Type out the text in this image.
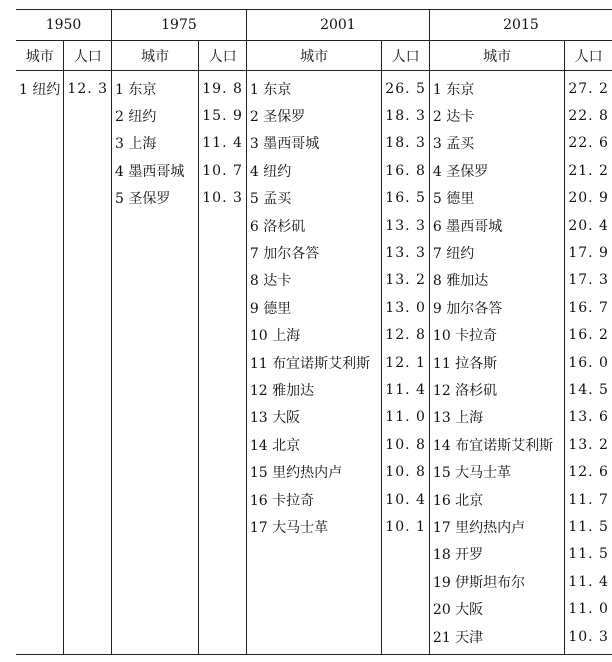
1950		1975		2001		2015	
城市	人口	城市	人口	城市	人口	城市	人口
1 纽约	12. 3	1 东京	19. 8	1 东京	26. 5	1 东京	27. 2
		2 纽约	15. 9	2 圣保罗	18. 3	2 达卡	22. 8
		3 上海	11. 4	3 墨西哥城	18. 3	3 孟买	22. 6
		4 墨西哥城	10. 7	4 纽约	16. 8	4 圣保罗	21. 2
		5 圣保罗	10. 3	5 孟买	16. 5	5 德里	20. 9
				6 洛杉矶	13. 3	6 墨西哥城	20. 4
				7 加尔各答	13. 3	7 纽约	17. 9
				8 达卡	13. 2	8 雅加达	17. 3
				9 德里	13. 0	9 加尔各答	16. 7
				10 上海	12. 8	10 卡拉奇	16. 2
				11 布宜诺斯艾利斯	12. 1	11 拉各斯	16. 0
				12 雅加达	11. 4	12 洛杉矶	14. 5
				13 大阪	11. 0	13 上海	13. 6
				14 北京	10. 8	14 布宜诺斯艾利斯	13. 2
				15 里约热内卢	10. 8	15 大马士革	12. 6
				16 卡拉奇	10. 4	16 北京	11. 7
				17 大马士革	10. 1	17 里约热内卢	11. 5
						18 开罗	11. 5
						19 伊斯坦布尔	11. 4
						20 大阪	11. 0
						21 天津	10. 3
